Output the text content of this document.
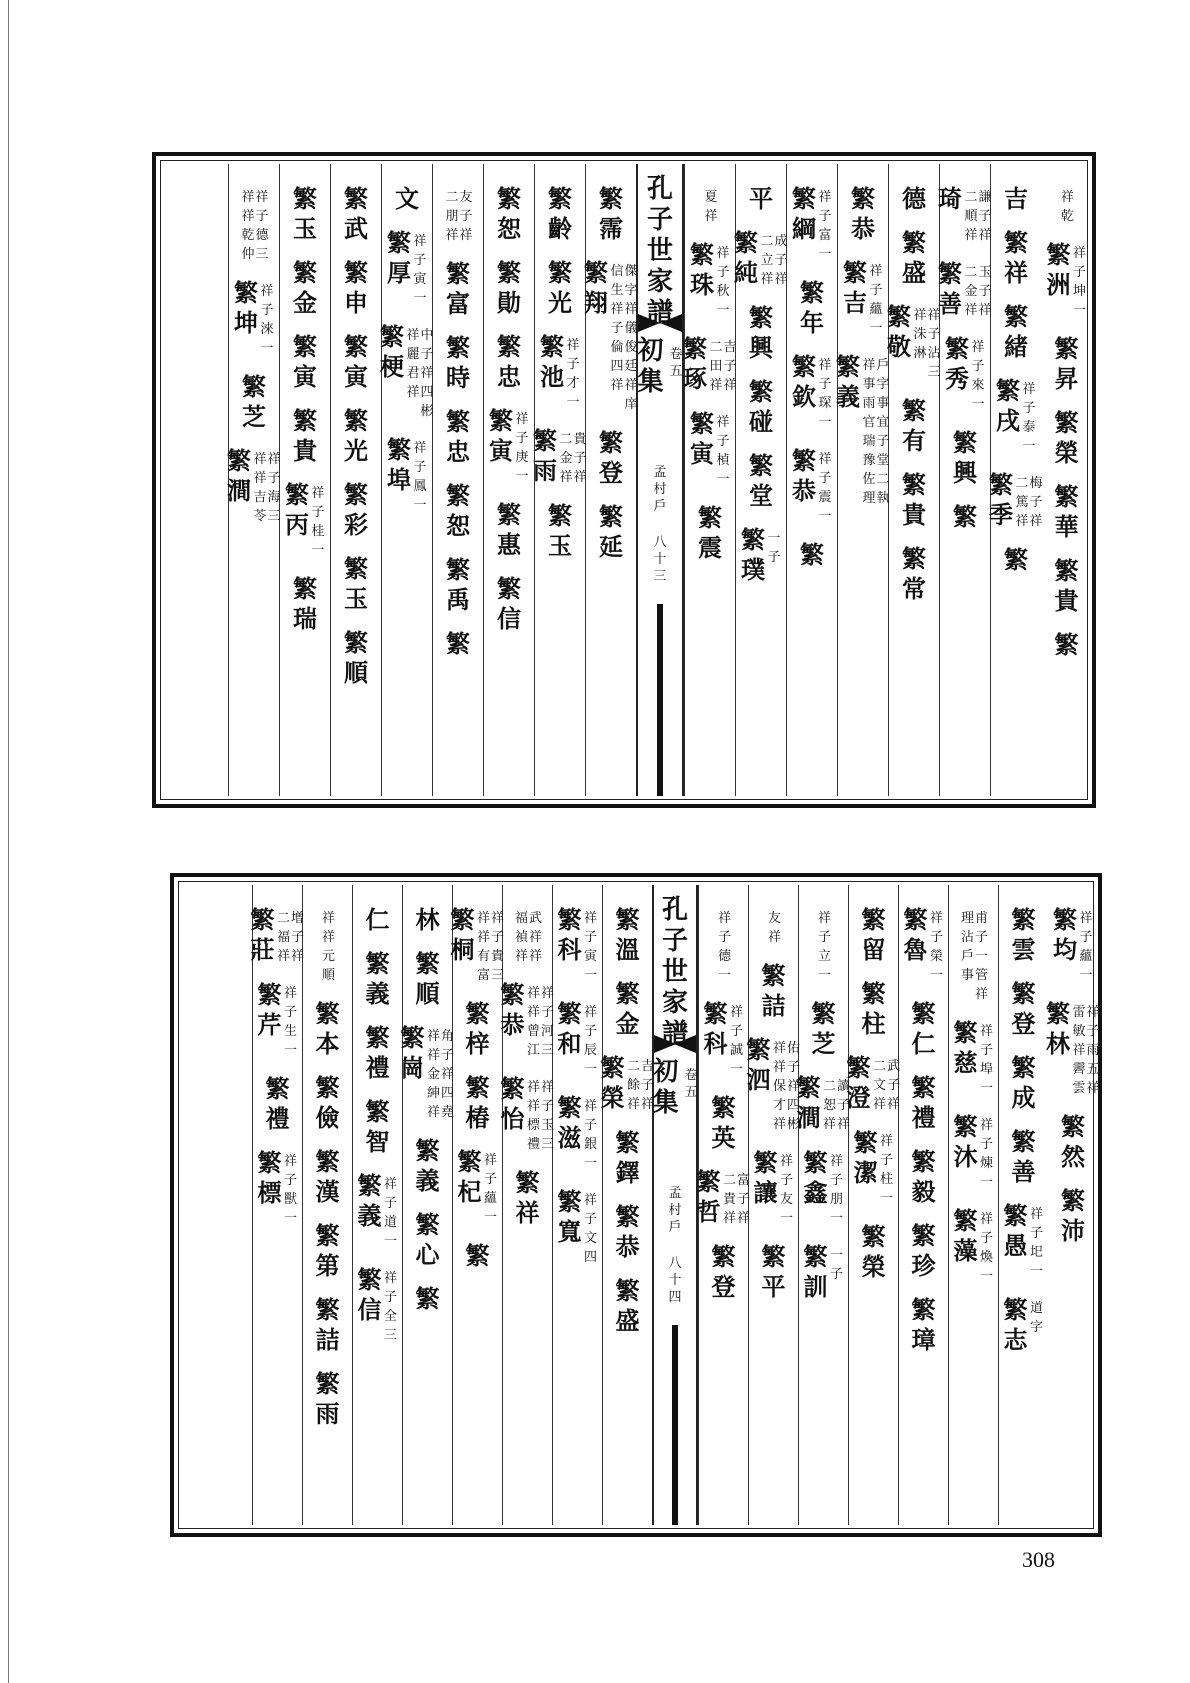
祥
乾
繁
洲
祥
子
坤
一
繁
昇
繁
榮
繁
華
繁
貴
繁
吉
繁
祥
繁
緒
繁
戌
祥
子
泰
一
繁
季
梅
子
祥
二
篤
祥
繁
琦 謙
子
祥
二
順
祥
繁
善
玉
子
祥
二
金
祥
繁
秀
祥
子
來
一
繁
興
繁
德
繁
盛
繁
敬
祥
子
沾
三
祥
洙
淋
繁
有
繁
貴
繁
常
繁
恭
繁
吉
祥
子
蘊
一
繁
義
戶
字
事
宜
子
堂
二
執
祥
事
雨
官
瑞
豫
佐
理
繁
綱
祥
子
富
一
繁
年
繁
欽
祥
子
琛
一
繁
恭
祥
子
震
一
繁
平
繁
純
成
子
祥
二
立
祥
繁
興
繁
碰
繁
堂
繁
璞
一
子
夏
祥
繁
珠
祥
子
秋
一
繁
琢
吉
子
祥
二
田
祥
繁
寅
祥
子
楨
一
繁
震
孔
子
世
家
譜
初
集
卷
五
孟
村
戶
八
十
三
繁
霈
繁
翔
傑
字
祥
儀
俊
廷
祥
庠
信
生
祥
子
倫
四
祥
繁
登
繁
延
繁
齡
繁
光
繁
池
祥
子
才
一
繁
雨
貴
子
祥
二
金
祥
繁
玉
繁
恕
繁
勛
繁
忠
繁
寅
祥
子
庚
一
繁
惠
繁
信
友
子
祥
二
朋
祥
繁
富
繁
時
繁
忠
繁
恕
繁
禹
繁
文
繁
厚
祥
子
寅
一
繁
梗
中
子
祥
四
彬
祥
麗
君
祥
繁
埠
祥
子
鳳
一
繁
武
繁
申
繁
寅
繁
光
繁
彩
繁
玉
繁
順
繁
玉
繁
金
繁
寅
繁
貴
繁
丙
祥
子
桂
一
繁
瑞
祥
子
德
三
祥
祥
乾
仲
繁
坤
祥
子
淶
一
繁
芝
繁
澗
祥
子
海
三
祥
祥
吉
苓
繁
均
祥
子
蘊
一
繁
林
祥
子
雨
五
祥
雷
敏
祥
霽
雲
繁
然
繁
沛
繁
雲
繁
登
繁
成
繁
善
繁
愚
祥
子
圯
一
繁
志
道
字
甫
子
一
管
祥
理
沾
戶
事
繁
慈
祥
子
埠
一
繁
沐
祥
子
煉
一
繁
藻
祥
子
煥
一
繁
魯
祥
子
榮
一
繁
仁
繁
禮
繁
毅
繁
珍
繁
璋
繁
留
繁
柱
繁
澄
武
子
祥
二
文
祥
繁
潔
祥
子
柱
一
繁
榮
祥
子
立
一
繁
芝
繁
澗
讀
子
祥
二
恕
祥
繁
鑫
祥
子
朋
一
繁
訓
一
子
友
祥
繁
詰
繁
泗
佑
子
祥
四
彬
祥
祥
保
才
祥
繁
讓
祥
子
友
一
繁
平
祥
子
德
一
繁
科
祥
子
誠
一
繁
英
繁
哲
富
子
祥
二
貴
祥
繁
登
孔
子
世
家
譜
初
集
卷
五
孟
村
戶
八
十
四
繁
溫
繁
金
繁
榮
吉
子
祥
二
餘
祥
繁
鐸
繁
恭
繁
盛
繁
科
祥
子
寅
一
繁
和
祥
子
辰
一
繁
滋
祥
子
銀
一
繁
寬
祥
子
文
四
武
祥
祥
福
禎
祥
繁
恭
祥
子
河
三
祥
祥
曾
江
繁
怡
祥
子
玉
三
祥
祥
標
禮
繁
祥
繁
桐
祥
子
貴
三
祥
祥
有
富
繁
梓
繁
椿
繁
杞
祥
子
蘊
一
繁
林
繁
順
繁
崗
角
子
祥
四
堯
祥
祥
金
紳
祥
繁
義
繁
心
繁
仁
繁
義
繁
禮
繁
智
繁
義
祥
子
道
一
繁
信
祥
子
全
三
祥
祥
元
順
繁
本
繁
儉
繁
漢
繁
第
繁
詰
繁
雨
繁
莊
增
子
祥
二
福
祥
繁
芹
祥
子
生
一
繁
禮
繁
標
祥
子
獸
一
308
